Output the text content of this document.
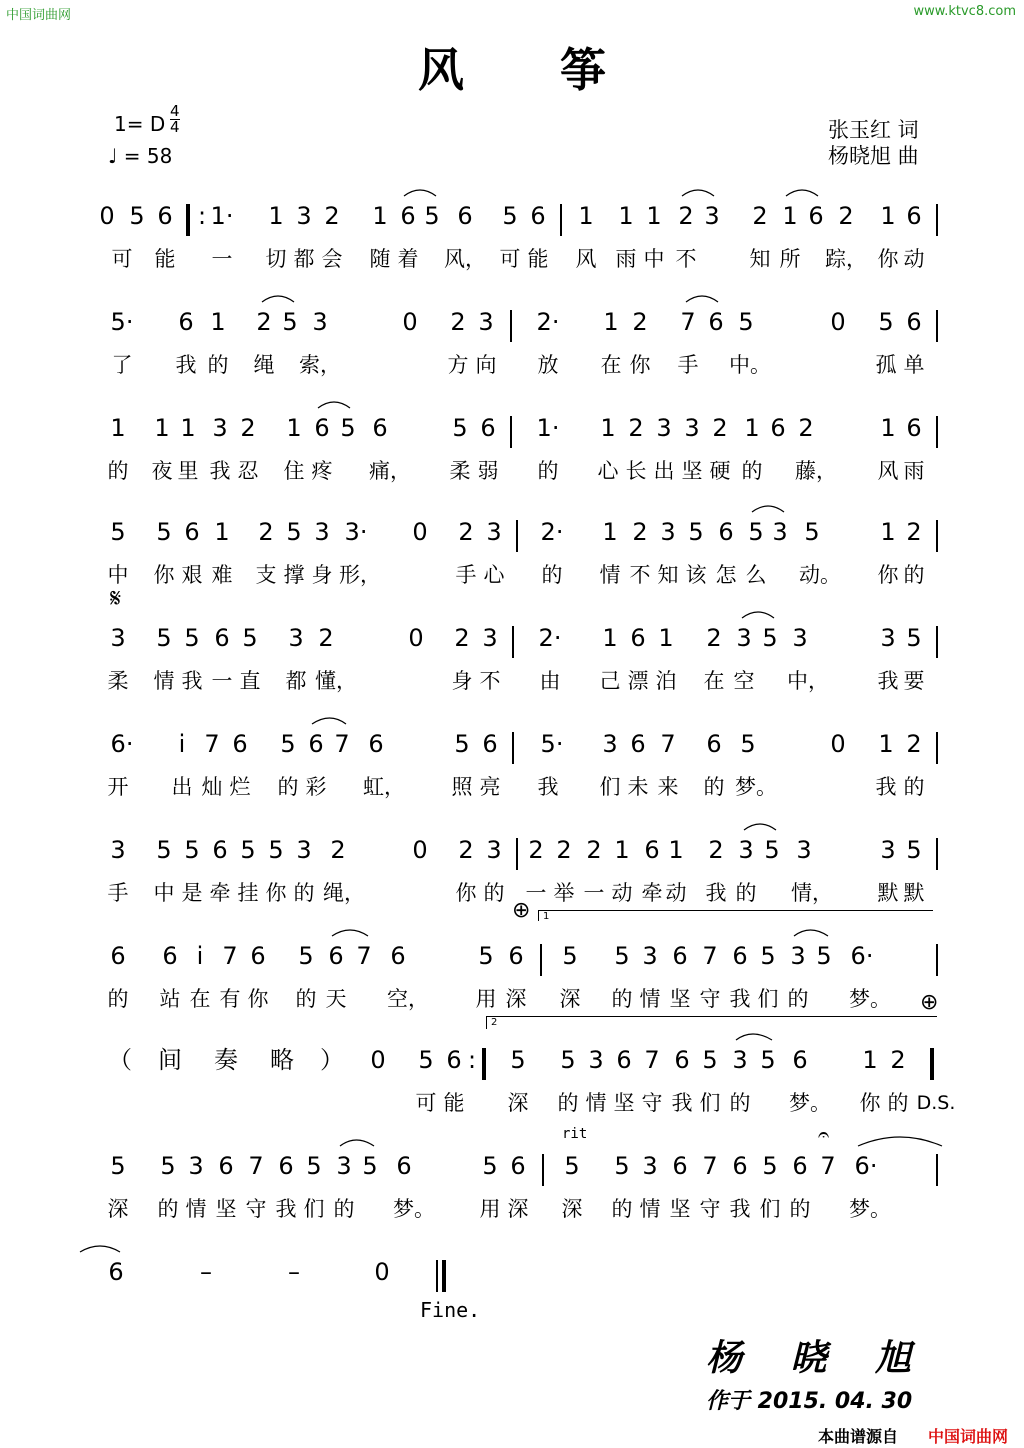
中国词曲网	www.ktvc8.com
风 筝
1= D
4
4
♩ = 58
张玉红 词
杨晓旭 曲
0 5 6 : 1· 1 3 2 1 6 5 6 5 6 1 1 1 2 3 2 1 6 2 1 6
可 能 一 切 都 会 随 着 风， 可 能 风 雨 中 不	知 所 踪， 你 动
5· 6 1 2 5 3	0 2 3 2· 1 2 7 6 5	0 5 6
了 我 的 绳 索，	方 向 放 在 你 手 中。	孤 单
1 1 1 3 2 1 6 5 6	5 6 1· 1 2 3 3 2 1 6 2	1 6
的 夜 里 我 忍 住 疼 痛， 柔 弱 的 心 长 出 坚 硬 的 藤， 风 雨
5 5 6 1 2 5 3 3· 0 2 3 2· 1 2 3 5 6 5 3 5	1 2
中 你 艰 难 支 撑 身 形，	手 心 的 情 不 知 该 怎 么 动。 你 的
𝄋
3 5 5 6 5 3 2	0 2 3 2· 1 6 1 2 3 5 3	3 5
柔 情 我 一 直 都 懂，	身 不 由 己 漂 泊 在 空 中， 我 要
6· i 7 6 5 6 7 6	5 6 5· 3 6 7 6 5	0 1 2
开 出 灿 烂 的 彩 虹， 照 亮 我 们 未 来 的 梦。	我 的
3 5 5 6 5 5 3 2	0 2 3 2 2 2 1 6 1 2 3 5 3	3 5
手 中 是 牵 挂 你 的 绳，	你 的 一 举 一 动 牵 动 我 的 情， 默 默
⊕ 1
6 6 i 7 6 5 6 7 6	5 6 5 5 3 6 7 6 5 3 5 6·
的 站 在 有 你 的 天 空， 用 深 深 的 情 坚 守 我 们 的 梦。 ⊕
2
（ 间 奏 略 ） 0 5 6 : 5 5 3 6 7 6 5 3 5 6 1 2
可 能 深 的 情 坚 守 我 们 的 梦。 你 的 D.S.
rit	𝄐
5 5 3 6 7 6 5 3 5 6	5 6 5 5 3 6 7 6 5 6 7 6·
深 的 情 坚 守 我 们 的 梦。 用 深 深 的 情 坚 守 我 们 的 梦。
6	–	–	0
Fine.
杨 晓 旭
作于 2015. 04. 30
本曲谱源自 中国词曲网
